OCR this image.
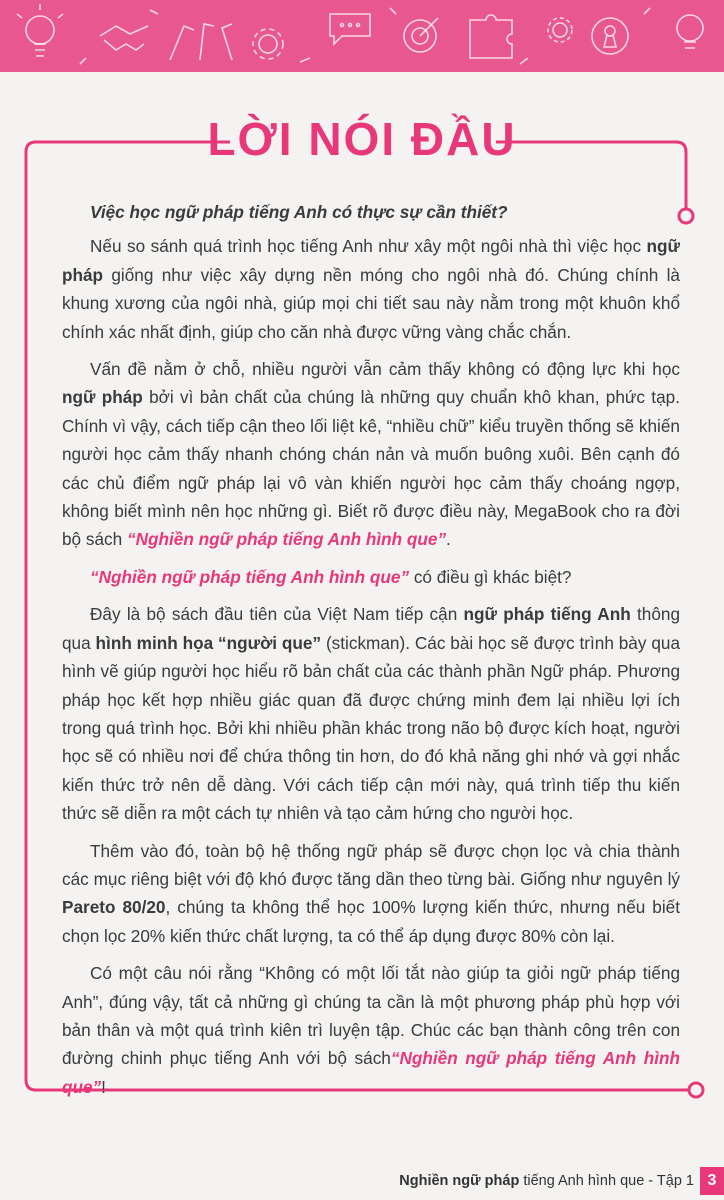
LỜI NÓI ĐẦU

Việc học ngữ pháp tiếng Anh có thực sự cần thiết?

Nếu so sánh quá trình học tiếng Anh như xây một ngôi nhà thì việc học ngữ pháp giống như việc xây dựng nền móng cho ngôi nhà đó. Chúng chính là khung xương của ngôi nhà, giúp mọi chi tiết sau này nằm trong một khuôn khổ chính xác nhất định, giúp cho căn nhà được vững vàng chắc chắn.

Vấn đề nằm ở chỗ, nhiều người vẫn cảm thấy không có động lực khi học ngữ pháp bởi vì bản chất của chúng là những quy chuẩn khô khan, phức tạp. Chính vì vậy, cách tiếp cận theo lối liệt kê, “nhiều chữ” kiểu truyền thống sẽ khiến người học cảm thấy nhanh chóng chán nản và muốn buông xuôi. Bên cạnh đó các chủ điểm ngữ pháp lại vô vàn khiến người học cảm thấy choáng ngợp, không biết mình nên học những gì. Biết rõ được điều này, MegaBook cho ra đời bộ sách “Nghiền ngữ pháp tiếng Anh hình que”.

“Nghiền ngữ pháp tiếng Anh hình que” có điều gì khác biệt?

Đây là bộ sách đầu tiên của Việt Nam tiếp cận ngữ pháp tiếng Anh thông qua hình minh họa “người que” (stickman). Các bài học sẽ được trình bày qua hình vẽ giúp người học hiểu rõ bản chất của các thành phần Ngữ pháp. Phương pháp học kết hợp nhiều giác quan đã được chứng minh đem lại nhiều lợi ích trong quá trình học. Bởi khi nhiều phần khác trong não bộ được kích hoạt, người học sẽ có nhiều nơi để chứa thông tin hơn, do đó khả năng ghi nhớ và gợi nhắc kiến thức trở nên dễ dàng. Với cách tiếp cận mới này, quá trình tiếp thu kiến thức sẽ diễn ra một cách tự nhiên và tạo cảm hứng cho người học.

Thêm vào đó, toàn bộ hệ thống ngữ pháp sẽ được chọn lọc và chia thành các mục riêng biệt với độ khó được tăng dần theo từng bài. Giống như nguyên lý Pareto 80/20, chúng ta không thể học 100% lượng kiến thức, nhưng nếu biết chọn lọc 20% kiến thức chất lượng, ta có thể áp dụng được 80% còn lại.

Có một câu nói rằng “Không có một lối tắt nào giúp ta giỏi ngữ pháp tiếng Anh”, đúng vậy, tất cả những gì chúng ta cần là một phương pháp phù hợp với bản thân và một quá trình kiên trì luyện tập. Chúc các bạn thành công trên con đường chinh phục tiếng Anh với bộ sách“Nghiền ngữ pháp tiếng Anh hình que”!

Nghiền ngữ pháp tiếng Anh hình que - Tập 1 3
